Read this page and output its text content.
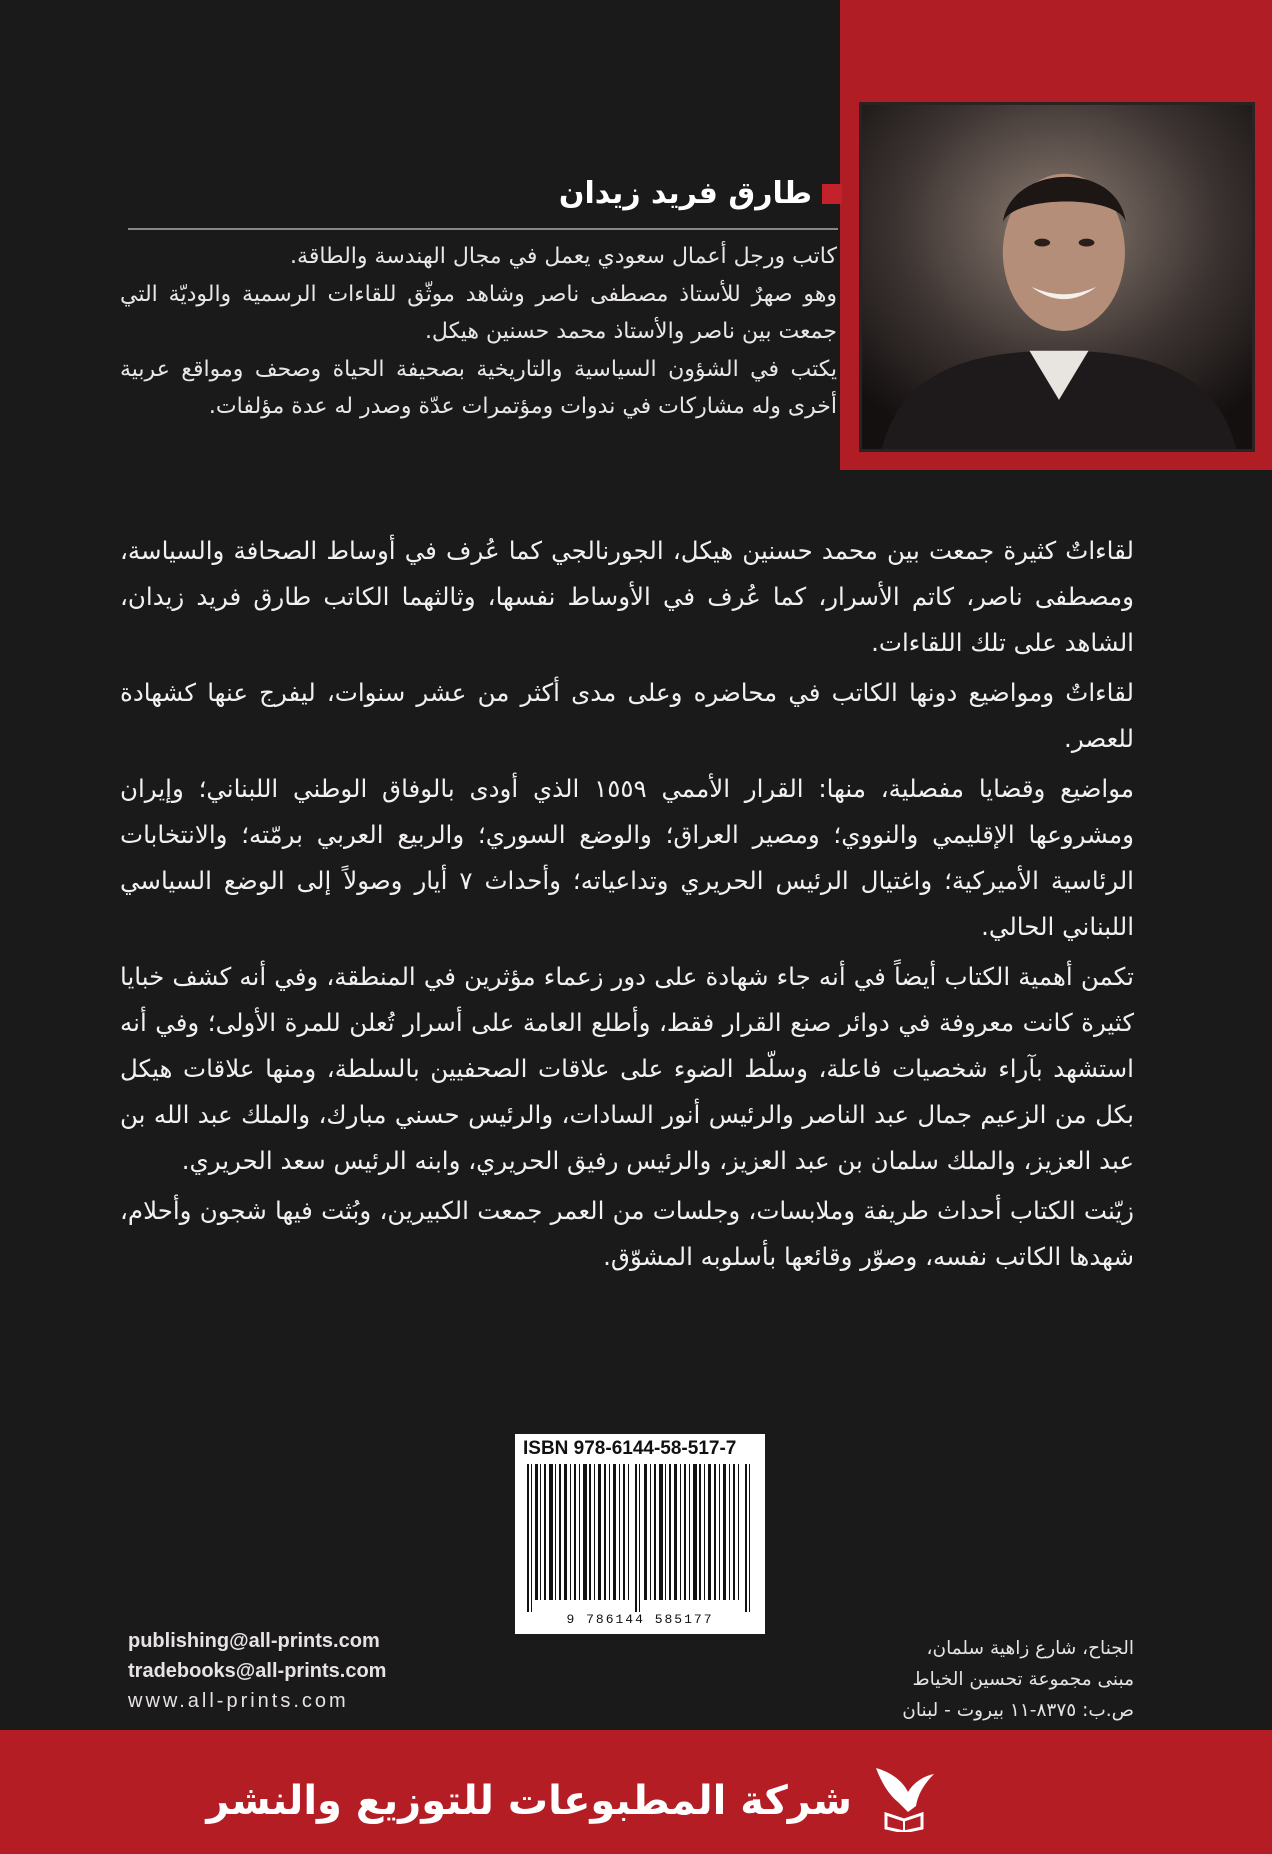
طارق فريد زيدان

كاتب ورجل أعمال سعودي يعمل في مجال الهندسة والطاقة.

وهو صهرٌ للأستاذ مصطفى ناصر وشاهد موثّق للقاءات الرسمية والوديّة التي جمعت بين ناصر والأستاذ محمد حسنين هيكل.

يكتب في الشؤون السياسية والتاريخية بصحيفة الحياة وصحف ومواقع عربية أخرى وله مشاركات في ندوات ومؤتمرات عدّة وصدر له عدة مؤلفات.

لقاءاتٌ كثيرة جمعت بين محمد حسنين هيكل، الجورنالجي كما عُرف في أوساط الصحافة والسياسة، ومصطفى ناصر، كاتم الأسرار، كما عُرف في الأوساط نفسها، وثالثهما الكاتب طارق فريد زيدان، الشاهد على تلك اللقاءات.

لقاءاتٌ ومواضيع دونها الكاتب في محاضره وعلى مدى أكثر من عشر سنوات، ليفرج عنها كشهادة للعصر.

مواضيع وقضايا مفصلية، منها: القرار الأممي ١٥٥٩ الذي أودى بالوفاق الوطني اللبناني؛ وإيران ومشروعها الإقليمي والنووي؛ ومصير العراق؛ والوضع السوري؛ والربيع العربي برمّته؛ والانتخابات الرئاسية الأميركية؛ واغتيال الرئيس الحريري وتداعياته؛ وأحداث ٧ أيار وصولاً إلى الوضع السياسي اللبناني الحالي.

تكمن أهمية الكتاب أيضاً في أنه جاء شهادة على دور زعماء مؤثرين في المنطقة، وفي أنه كشف خبايا كثيرة كانت معروفة في دوائر صنع القرار فقط، وأطلع العامة على أسرار تُعلن للمرة الأولى؛ وفي أنه استشهد بآراء شخصيات فاعلة، وسلّط الضوء على علاقات الصحفيين بالسلطة، ومنها علاقات هيكل بكل من الزعيم جمال عبد الناصر والرئيس أنور السادات، والرئيس حسني مبارك، والملك عبد الله بن عبد العزيز، والملك سلمان بن عبد العزيز، والرئيس رفيق الحريري، وابنه الرئيس سعد الحريري.

زيّنت الكتاب أحداث طريفة وملابسات، وجلسات من العمر جمعت الكبيرين، وبُثت فيها شجون وأحلام، شهدها الكاتب نفسه، وصوّر وقائعها بأسلوبه المشوّق.

ISBN 978-6144-58-517-7
9 786144 585177
publishing@all-prints.com
tradebooks@all-prints.com
www.all-prints.com
الجناح، شارع زاهية سلمان،
مبنى مجموعة تحسين الخياط
ص.ب: ٨٣٧٥-١١ بيروت - لبنان
شركة المطبوعات للتوزيع والنشر
